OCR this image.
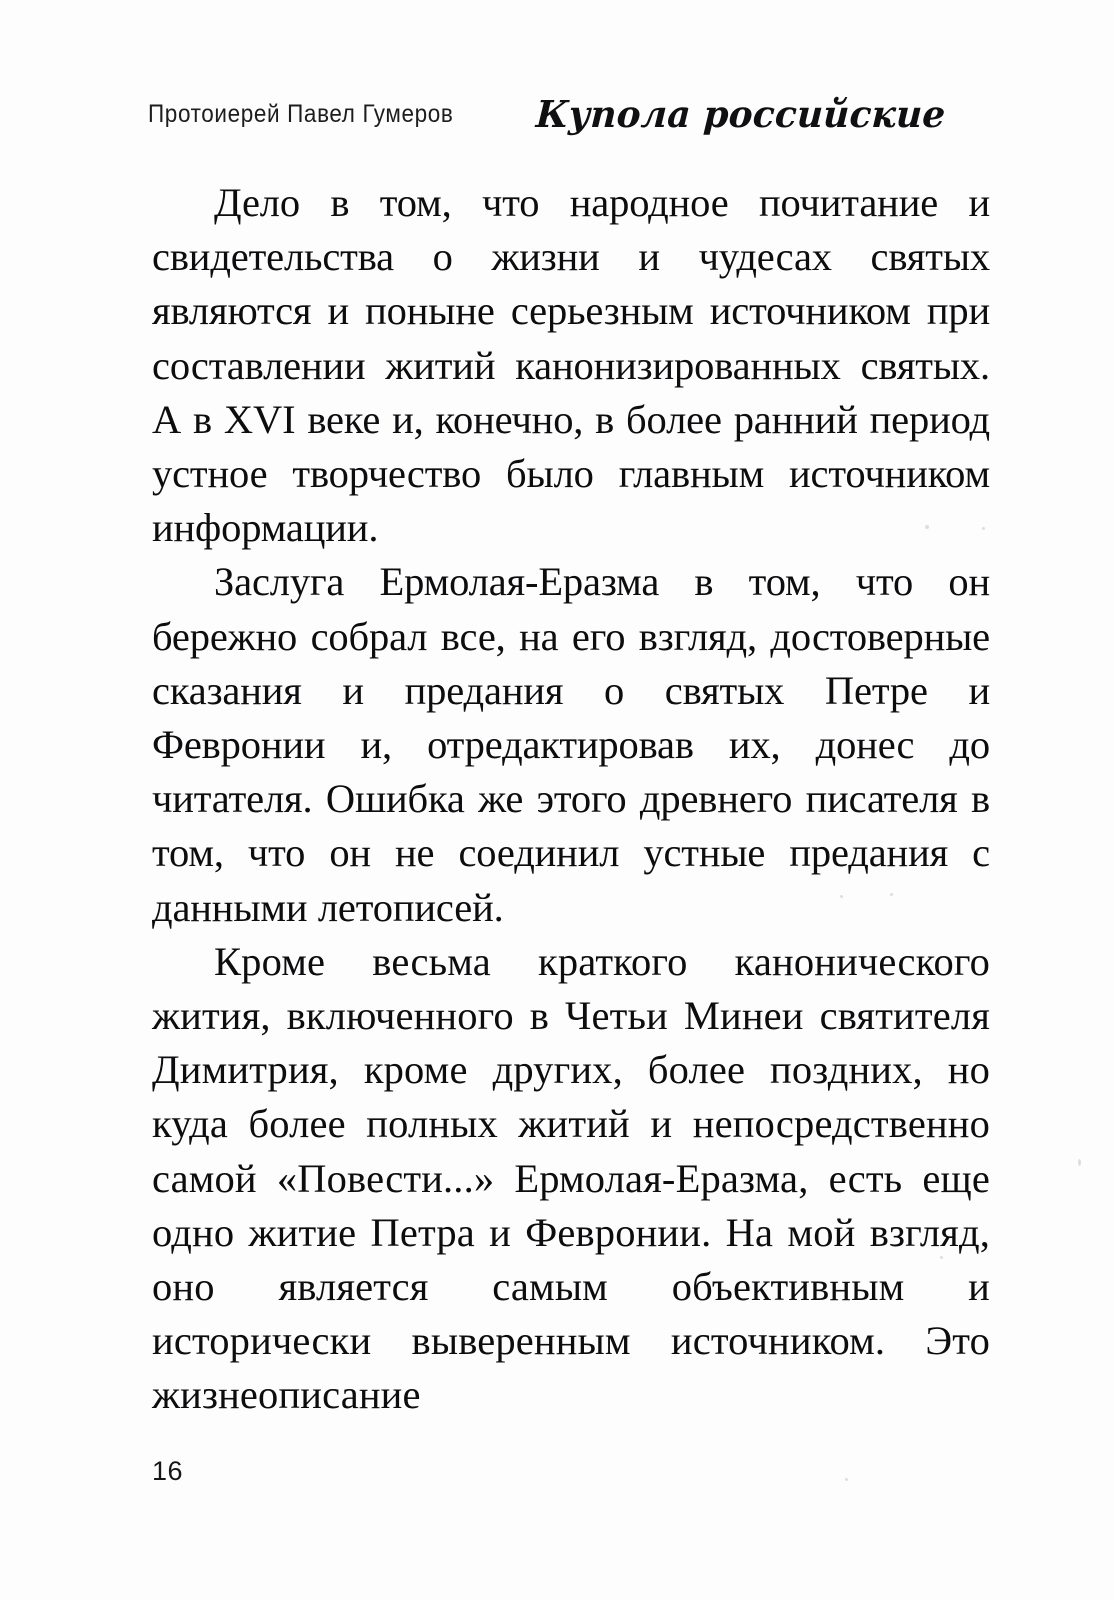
Протоиерей Павел Гумеров Купола российские

Дело в том, что народное почитание и свидетельства о жизни и чудесах святых являются и поныне серьезным источником при составлении житий канонизированных святых. А в XVI веке и, конечно, в более ранний период устное творчество было главным источником информации.

Заслуга Ермолая-Еразма в том, что он бережно собрал все, на его взгляд, достоверные сказания и предания о святых Петре и Февронии и, отредактировав их, донес до читателя. Ошибка же этого древнего писателя в том, что он не соединил устные предания с данными летописей.

Кроме весьма краткого канонического жития, включенного в Четьи Минеи святителя Димитрия, кроме других, более поздних, но куда более полных житий и непосредственно самой «Повести...» Ермолая-Еразма, есть еще одно житие Петра и Февронии. На мой взгляд, оно является самым объективным и исторически выверенным источником. Это жизнеописание

16
